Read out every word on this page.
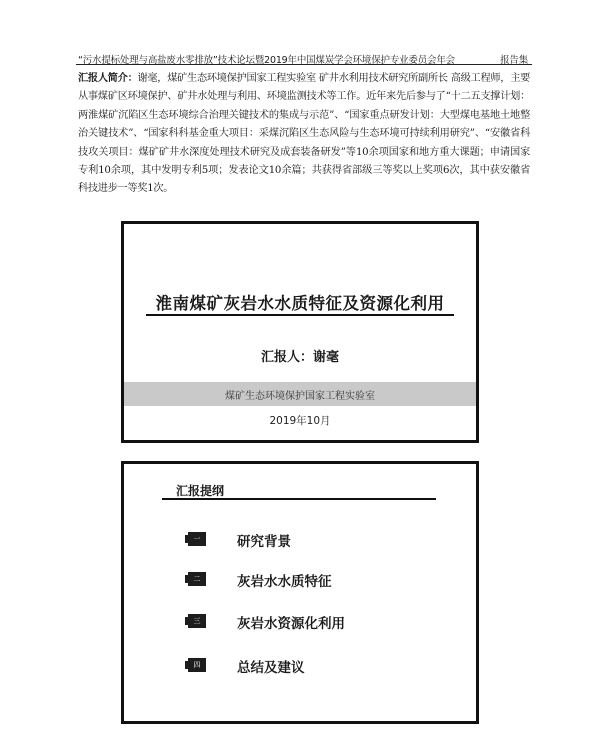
“污水提标处理与高盐废水零排放”技术论坛暨2019年中国煤炭学会环境保护专业委员会年会	报告集
汇报人简介：谢毫，煤矿生态环境保护国家工程实验室 矿井水利用技术研究所副所长 高级工程师，主要从事煤矿区环境保护、矿井水处理与利用、环境监测技术等工作。近年来先后参与了“十二五支撑计划：两淮煤矿沉陷区生态环境综合治理关键技术的集成与示范”、“国家重点研发计划：大型煤电基地土地整治关键技术”、“国家科科基金重大项目：采煤沉陷区生态风险与生态环境可持续利用研究”、“安徽省科技攻关项目：煤矿矿井水深度处理技术研究及成套装备研发”等10余项国家和地方重大课题；申请国家专利10余项，其中发明专利5项；发表论文10余篇；共获得省部级三等奖以上奖项6次，其中获安徽省科技进步一等奖1次。
淮南煤矿灰岩水水质特征及资源化利用
汇报人：谢毫
煤矿生态环境保护国家工程实验室
2019年10月
汇报提纲
一	研究背景
二	灰岩水水质特征
三	灰岩水资源化利用
四	总结及建议
